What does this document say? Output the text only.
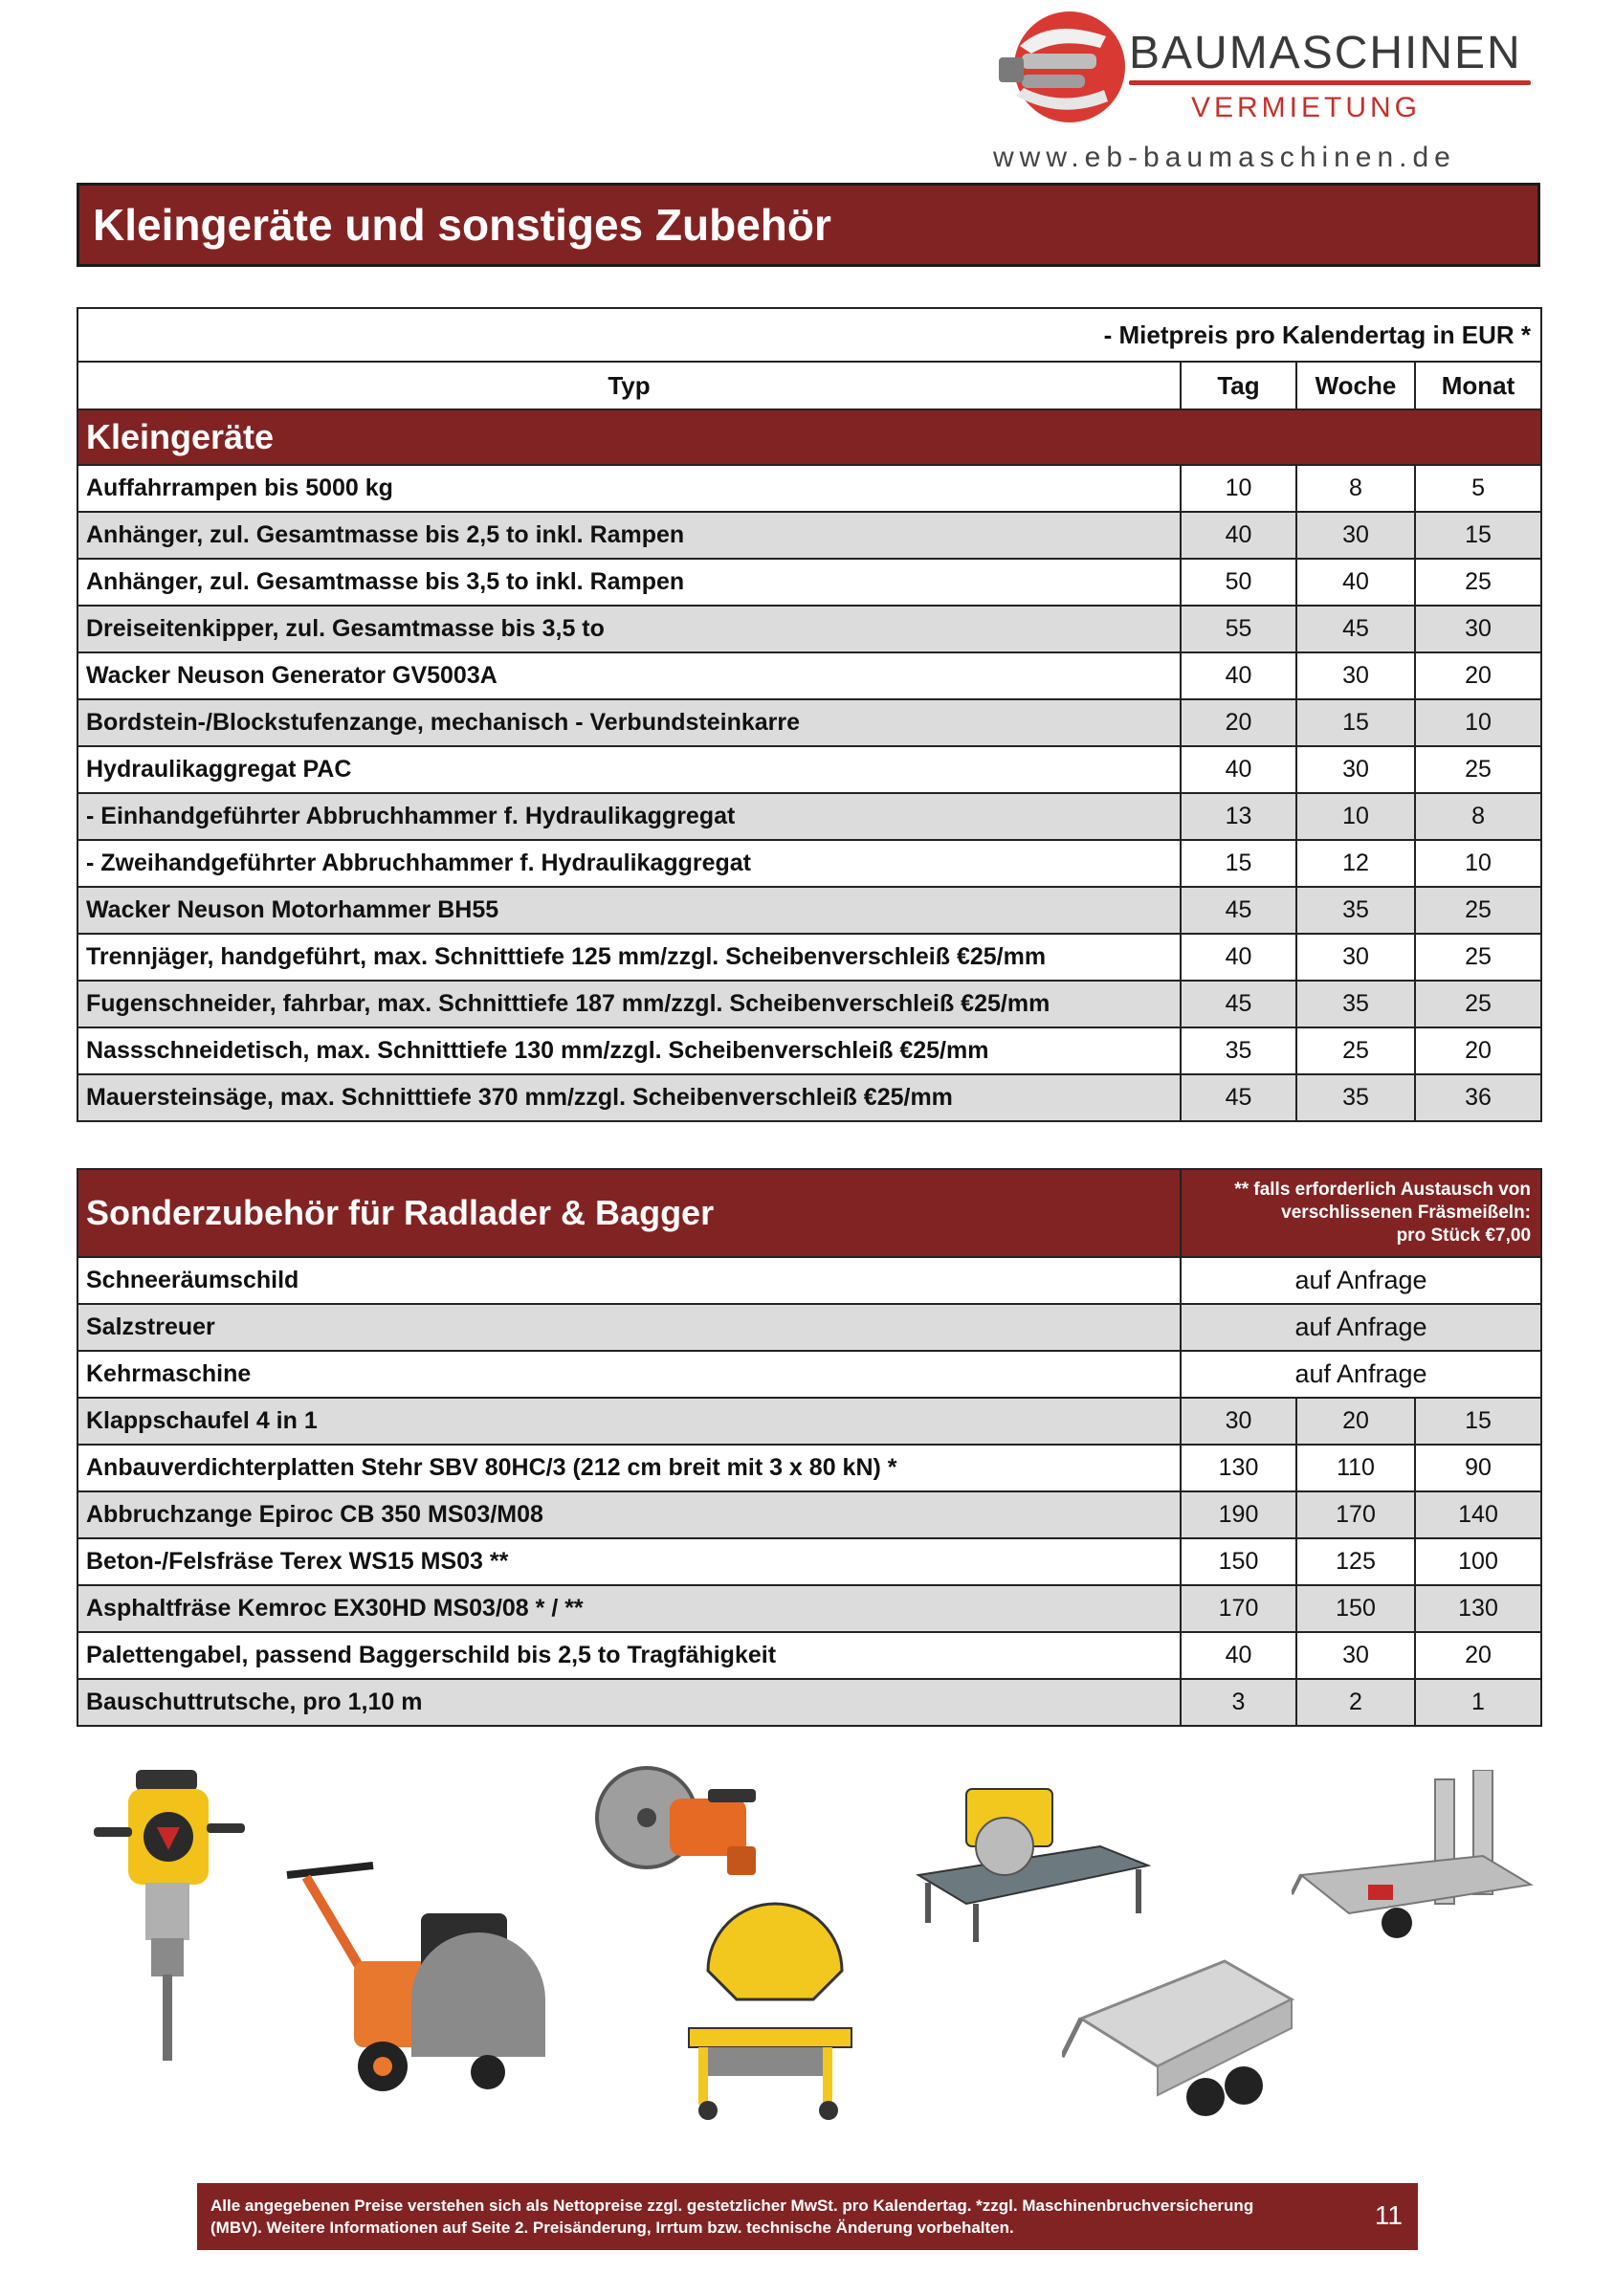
BAUMASCHINEN
VERMIETUNG
www.eb-baumaschinen.de
Kleingeräte und sonstiges Zubehör
- Mietpreis pro Kalendertag in EUR *			
Typ	Tag	Woche	Monat
Kleingeräte			
Auffahrrampen bis 5000 kg	10	8	5
Anhänger, zul. Gesamtmasse bis 2,5 to inkl. Rampen	40	30	15
Anhänger, zul. Gesamtmasse bis 3,5 to inkl. Rampen	50	40	25
Dreiseitenkipper, zul. Gesamtmasse bis 3,5 to	55	45	30
Wacker Neuson Generator GV5003A	40	30	20
Bordstein-/Blockstufenzange, mechanisch - Verbundsteinkarre	20	15	10
Hydraulikaggregat PAC	40	30	25
- Einhandgeführter Abbruchhammer f. Hydraulikaggregat	13	10	8
- Zweihandgeführter Abbruchhammer f. Hydraulikaggregat	15	12	10
Wacker Neuson Motorhammer BH55	45	35	25
Trennjäger, handgeführt, max. Schnitttiefe 125 mm/zzgl. Scheibenverschleiß €25/mm	40	30	25
Fugenschneider, fahrbar, max. Schnitttiefe 187 mm/zzgl. Scheibenverschleiß €25/mm	45	35	25
Nassschneidetisch, max. Schnitttiefe 130 mm/zzgl. Scheibenverschleiß €25/mm	35	25	20
Mauersteinsäge, max. Schnitttiefe 370 mm/zzgl. Scheibenverschleiß €25/mm	45	35	36
Sonderzubehör für Radlader & Bagger	** falls erforderlich Austausch von
verschlissenen Fräsmeißeln:
pro Stück €7,00		

Schneeräumschild	auf Anfrage		
Salzstreuer	auf Anfrage		
Kehrmaschine	auf Anfrage		
Klappschaufel 4 in 1	30	20	15
Anbauverdichterplatten Stehr SBV 80HC/3 (212 cm breit mit 3 x 80 kN) *	130	110	90
Abbruchzange Epiroc CB 350 MS03/M08	190	170	140
Beton-/Felsfräse Terex WS15 MS03 **	150	125	100
Asphaltfräse Kemroc EX30HD MS03/08 * / **	170	150	130
Palettengabel, passend Baggerschild bis 2,5 to Tragfähigkeit	40	30	20
Bauschuttrutsche, pro 1,10 m	3	2	1
Alle angegebenen Preise verstehen sich als Nettopreise zzgl. gestetzlicher MwSt. pro Kalendertag. *zzgl. Maschinenbruchversicherung
(MBV). Weitere Informationen auf Seite 2. Preisänderung, Irrtum bzw. technische Änderung vorbehalten.	11
